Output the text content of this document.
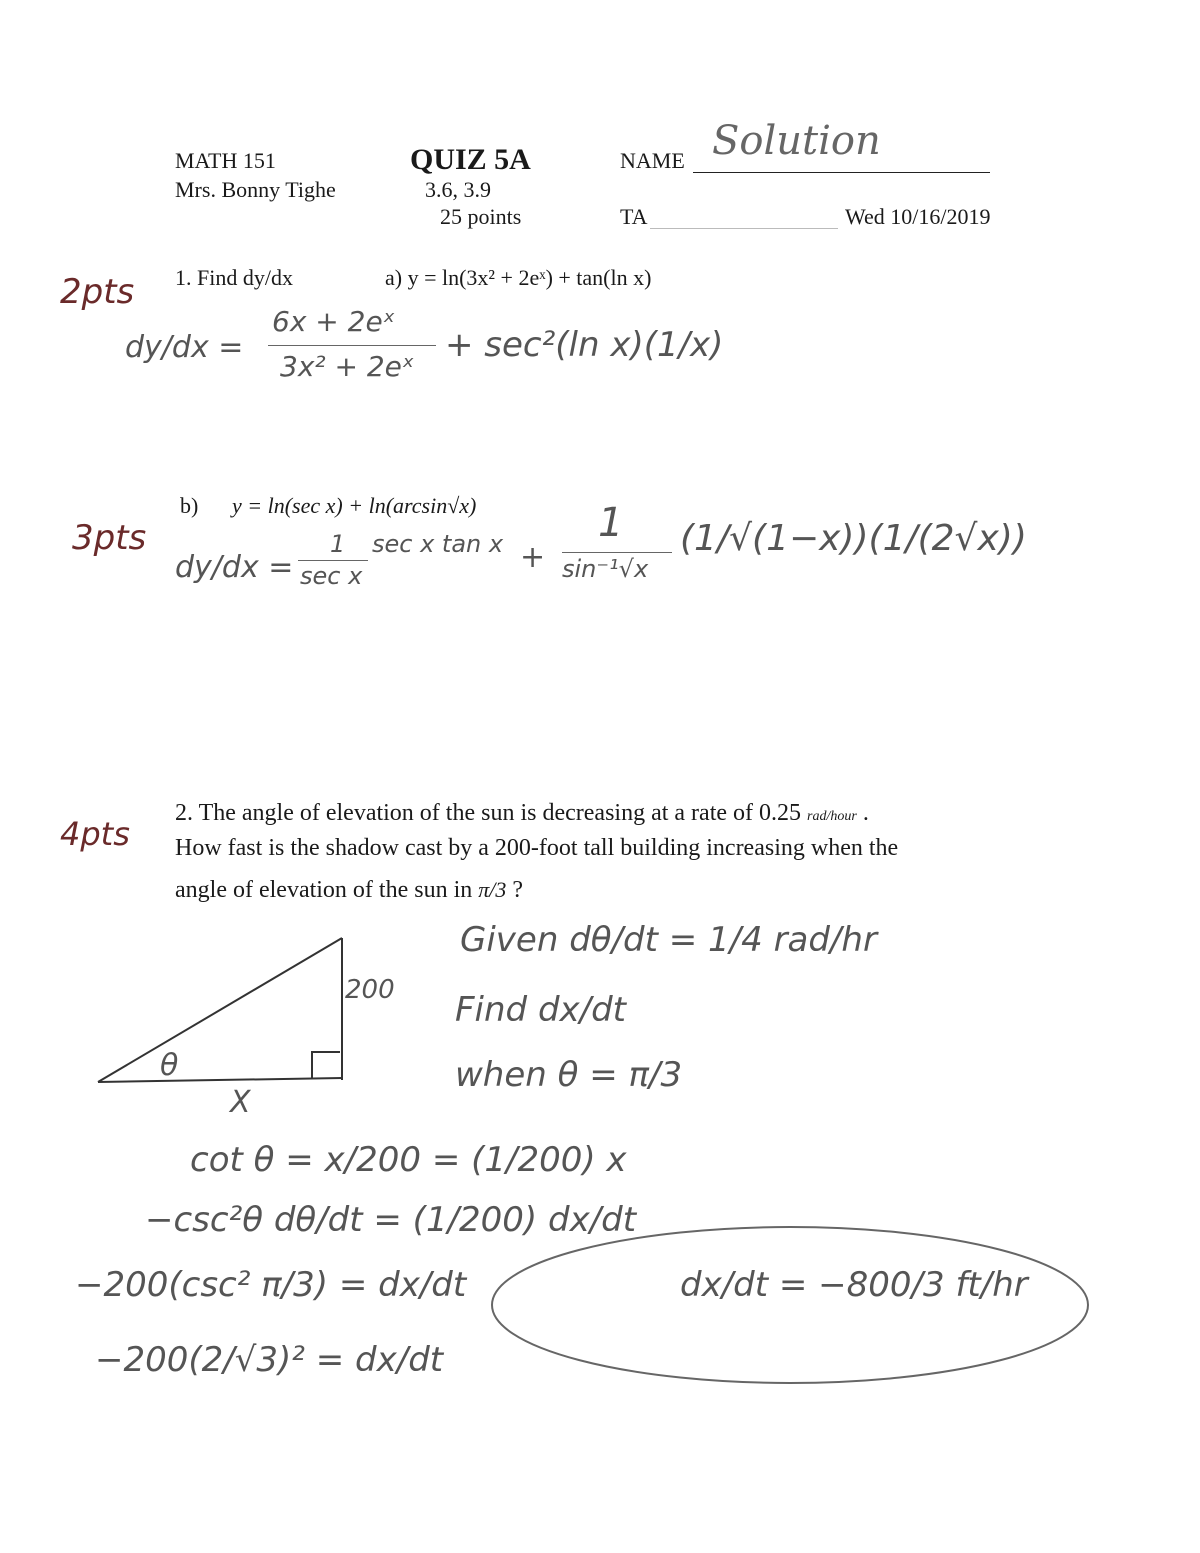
MATH 151
Mrs. Bonny Tighe
QUIZ 5A
3.6, 3.9
25 points
NAME Solution
TA	Wed 10/16/2019
1. Find dy/dx	a) y = ln(3x² + 2eˣ) + tan(ln x)
2pts
dy/dx =
6x + 2eˣ
3x² + 2eˣ
+ sec²(ln x)(1/x)
b) y = ln(sec x) + ln(arcsin√x)
3pts
dy/dx =
1
sec x
sec x tan x +
1
sin⁻¹√x
(1/√(1−x))(1/(2√x))
4pts
2. The angle of elevation of the sun is decreasing at a rate of 0.25 rad/hour .
How fast is the shadow cast by a 200-foot tall building increasing when the
angle of elevation of the sun in π/3 ?
200
θ
X
Given dθ/dt = 1/4 rad/hr
Find dx/dt
when θ = π/3
cot θ = x/200 = (1/200) x
−csc²θ dθ/dt = (1/200) dx/dt
−200(csc² π/3) = dx/dt
−200(2/√3)² = dx/dt
dx/dt = −800/3 ft/hr
